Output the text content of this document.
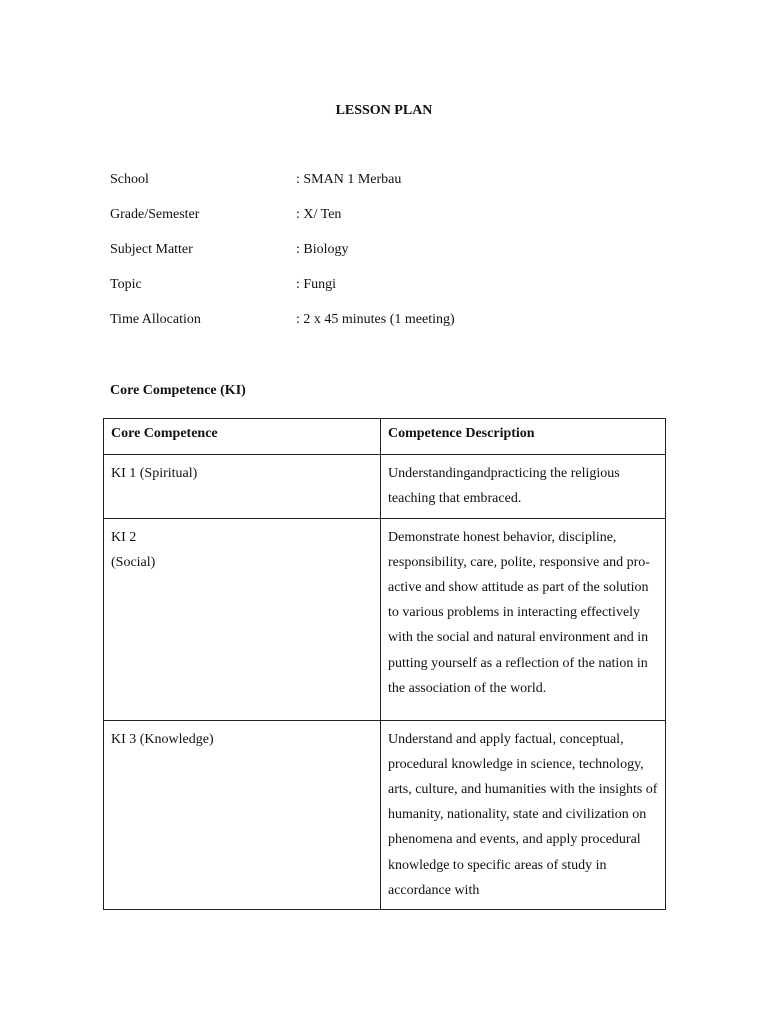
LESSON PLAN
School	: SMAN 1 Merbau
Grade/Semester	: X/ Ten
Subject Matter	: Biology
Topic	: Fungi
Time Allocation	: 2 x 45 minutes (1 meeting)
Core Competence (KI)
Core Competence	Competence Description

KI 1 (Spiritual)	Understandingandpracticing the religious teaching that embraced.

KI 2
(Social)	Demonstrate honest behavior, discipline, responsibility, care, polite, responsive and pro-active and show attitude as part of the solution to various problems in interacting effectively with the social and natural environment and in putting yourself as a reflection of the nation in the association of the world.

KI 3 (Knowledge)	Understand and apply factual, conceptual, procedural knowledge in science, technology, arts, culture, and humanities with the insights of humanity, nationality, state and civilization on phenomena and events, and apply procedural knowledge to specific areas of study in accordance with
